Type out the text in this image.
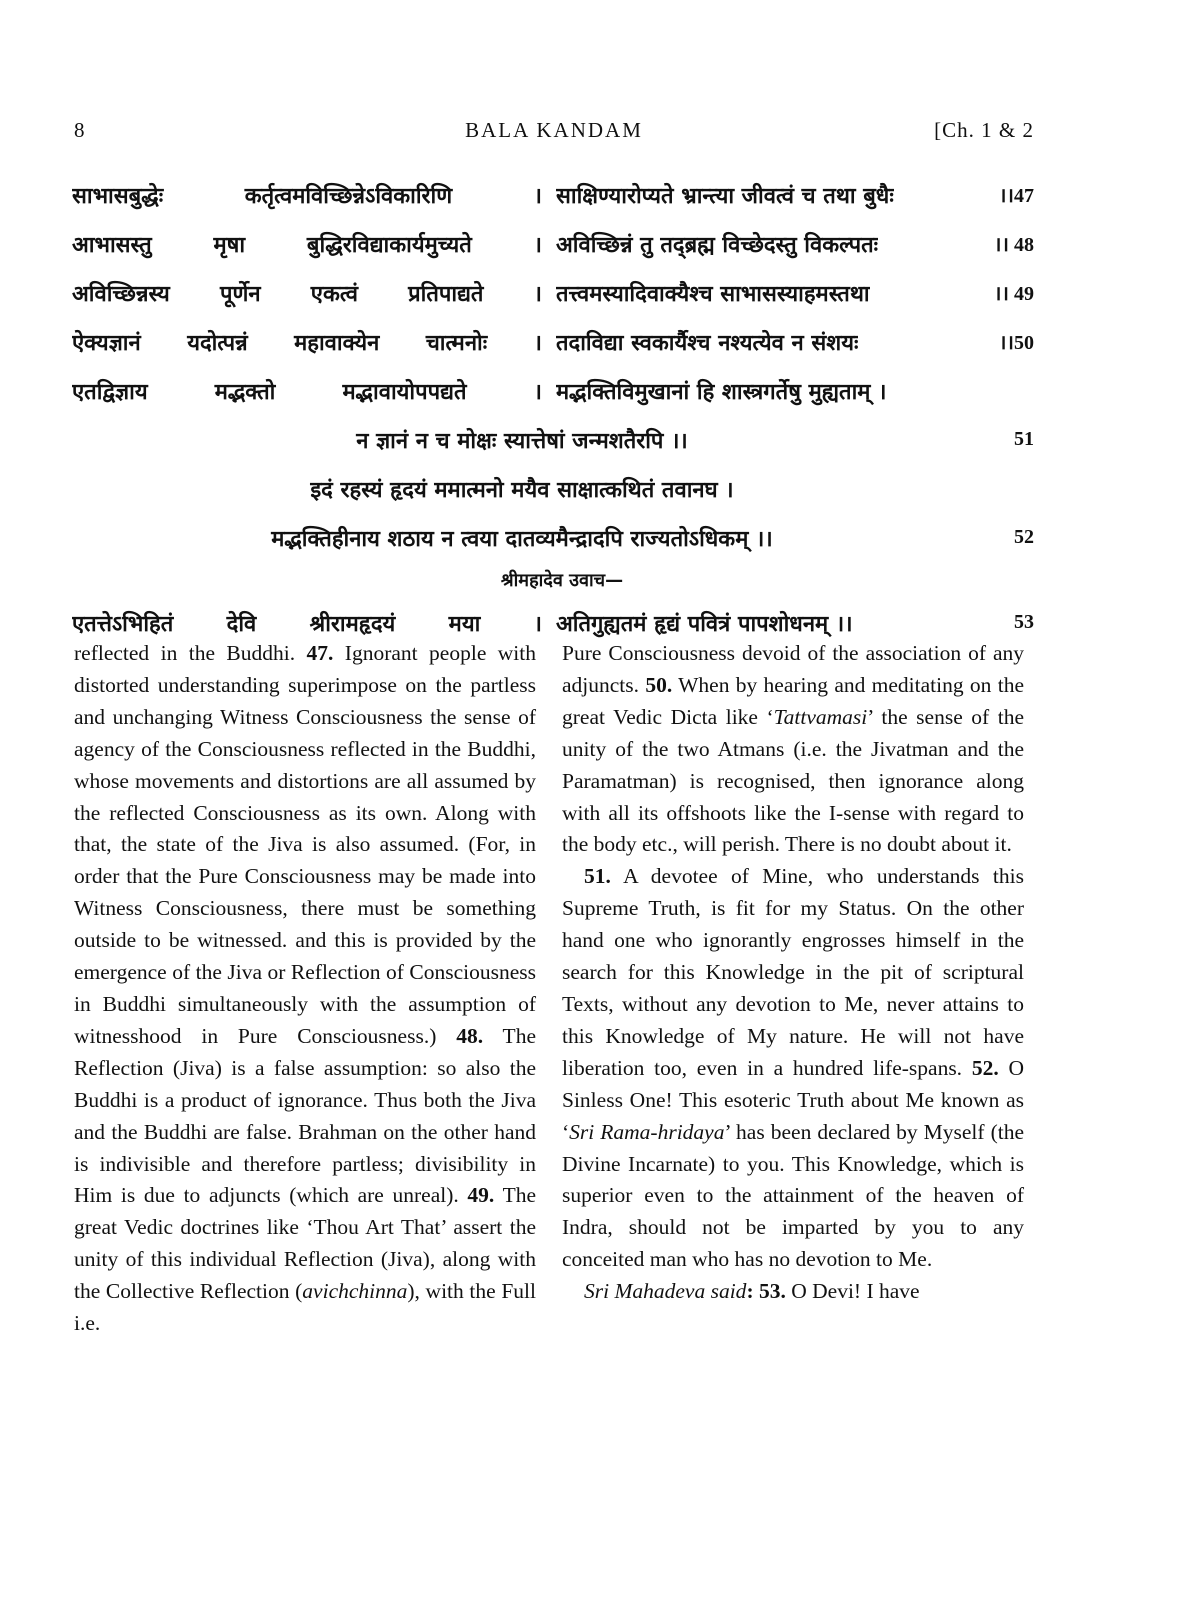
8	BALA KANDAM	[Ch. 1 & 2
साभासबुद्धेः कर्तृत्वमविच्छिन्नेऽविकारिणि । साक्षिण्यारोप्यते भ्रान्त्या जीवत्वं च तथा बुधैः	।।47
आभासस्तु मृषा बुद्धिरविद्याकार्यमुच्यते । अविच्छिन्नं तु तद्ब्रह्म विच्छेदस्तु विकल्पतः	।। 48
अविच्छिन्नस्य पूर्णेन एकत्वं प्रतिपाद्यते । तत्त्वमस्यादिवाक्यैश्च साभासस्याहमस्तथा	।। 49
ऐक्यज्ञानं यदोत्पन्नं महावाक्येन चात्मनोः । तदाविद्या स्वकार्यैश्च नश्यत्येव न संशयः	।।50
एतद्विज्ञाय मद्भक्तो मद्भावायोपपद्यते । मद्भक्तिविमुखानां हि शास्त्रगर्तेषु मुह्यताम् ।
न ज्ञानं न च मोक्षः स्यात्तेषां जन्मशतैरपि ।।	51
इदं रहस्यं हृदयं ममात्मनो मयैव साक्षात्कथितं तवानघ ।
मद्भक्तिहीनाय शठाय न त्वया दातव्यमैन्द्रादपि राज्यतोऽधिकम् ।।	52
श्रीमहादेव उवाच—
एतत्तेऽभिहितं देवि श्रीरामहृदयं मया । अतिगुह्यतमं हृद्यं पवित्रं पापशोधनम् ।।	53

reflected in the Buddhi. 47. Ignorant people with distorted understanding superimpose on the partless and unchanging Witness Consciousness the sense of agency of the Consciousness reflected in the Buddhi, whose movements and distortions are all assumed by the reflected Consciousness as its own. Along with that, the state of the Jiva is also assumed. (For, in order that the Pure Consciousness may be made into Witness Consciousness, there must be something outside to be witnessed. and this is provided by the emergence of the Jiva or Reflection of Consciousness in Buddhi simultaneously with the assumption of witnesshood in Pure Consciousness.) 48. The Reflection (Jiva) is a false assumption: so also the Buddhi is a product of ignorance. Thus both the Jiva and the Buddhi are false. Brahman on the other hand is indivisible and therefore partless; divisibility in Him is due to adjuncts (which are unreal). 49. The great Vedic doctrines like ‘Thou Art That’ assert the unity of this individual Reflection (Jiva), along with the Collective Reflection (avichchinna), with the Full i.e.

Pure Consciousness devoid of the association of any adjuncts. 50. When by hearing and meditating on the great Vedic Dicta like ‘Tattvamasi’ the sense of the unity of the two Atmans (i.e. the Jivatman and the Paramatman) is recognised, then ignorance along with all its offshoots like the I-sense with regard to the body etc., will perish. There is no doubt about it.

51. A devotee of Mine, who understands this Supreme Truth, is fit for my Status. On the other hand one who ignorantly engrosses himself in the search for this Knowledge in the pit of scriptural Texts, without any devotion to Me, never attains to this Knowledge of My nature. He will not have liberation too, even in a hundred life-spans. 52. O Sinless One! This esoteric Truth about Me known as ‘Sri Rama-hridaya’ has been declared by Myself (the Divine Incarnate) to you. This Knowledge, which is superior even to the attainment of the heaven of Indra, should not be imparted by you to any conceited man who has no devotion to Me.

Sri Mahadeva said: 53. O Devi! I have
